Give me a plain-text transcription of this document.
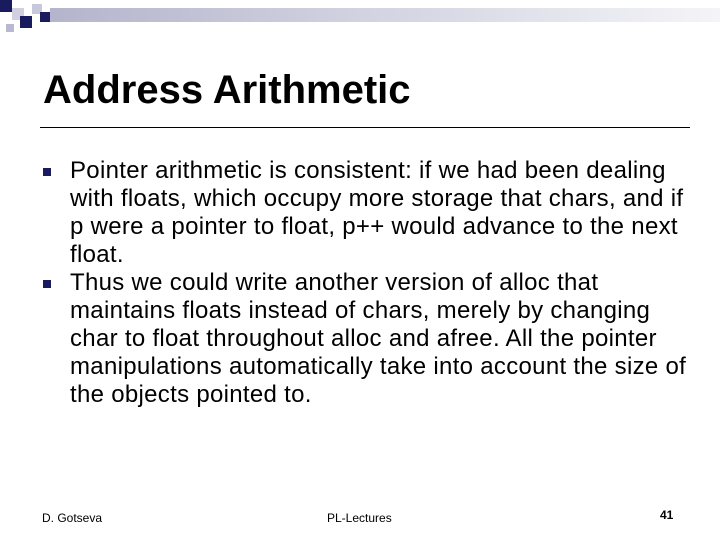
Address Arithmetic
Pointer arithmetic is consistent: if we had been dealing with floats, which occupy more storage that chars, and if p were a pointer to float, p++ would advance to the next float.
Thus we could write another version of alloc that maintains floats instead of chars, merely by changing char to float throughout alloc and afree. All the pointer manipulations automatically take into account the size of the objects pointed to.
D. Gotseva	PL-Lectures	41
